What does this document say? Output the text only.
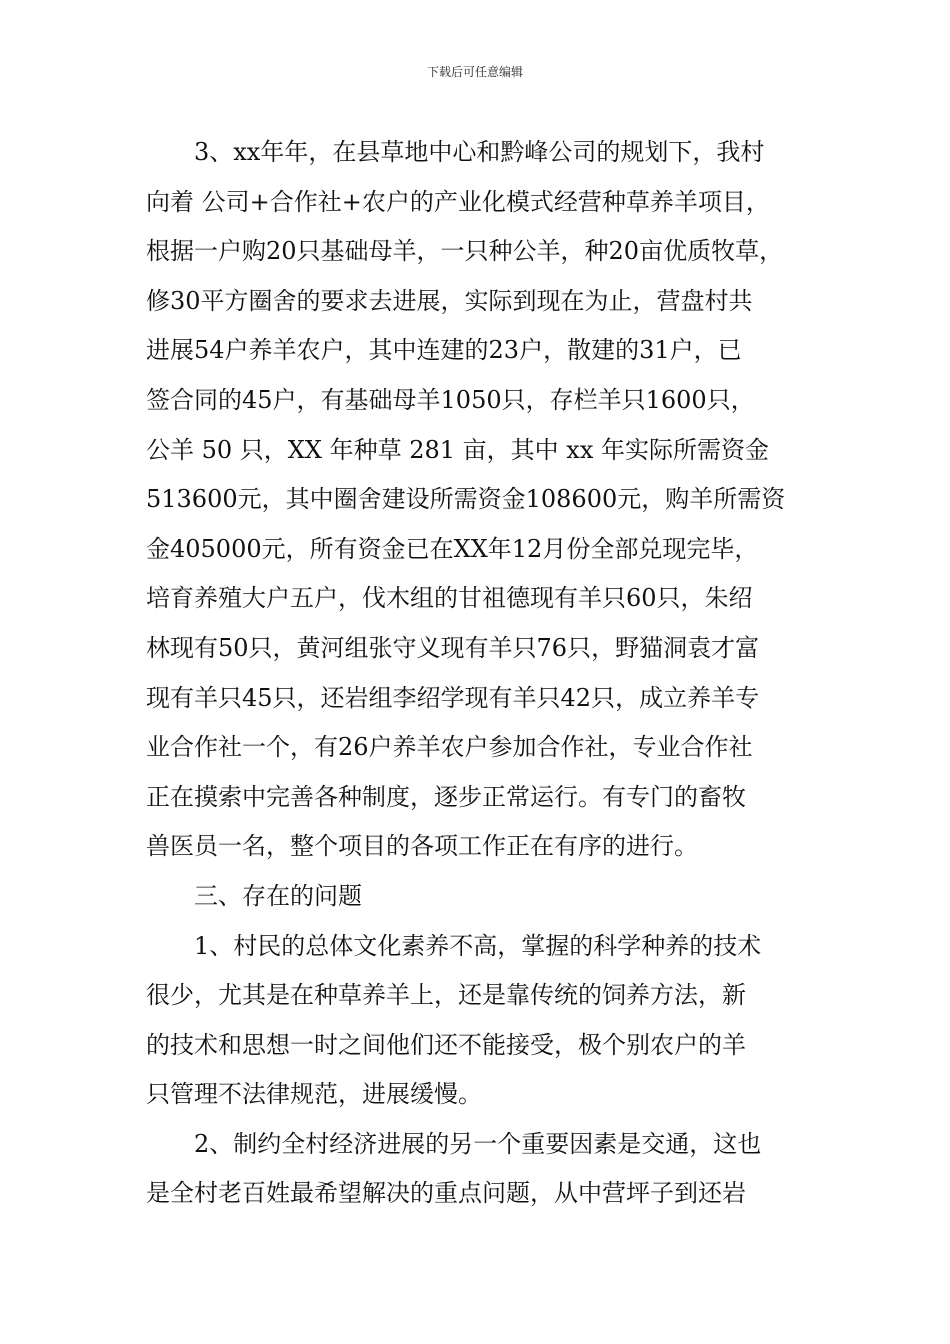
下载后可任意编辑
3、xx年年，在县草地中心和黔峰公司的规划下，我村
向着 公司+合作社+农户的产业化模式经营种草养羊项目，
根据一户购20只基础母羊，一只种公羊，种20亩优质牧草，
修30平方圈舍的要求去进展，实际到现在为止，营盘村共
进展54户养羊农户，其中连建的23户，散建的31户，已
签合同的45户，有基础母羊1050只，存栏羊只1600只，
公羊 50 只，XX 年种草 281 亩，其中 xx 年实际所需资金
513600元，其中圈舍建设所需资金108600元，购羊所需资
金405000元，所有资金已在XX年12月份全部兑现完毕，
培育养殖大户五户，伐木组的甘祖德现有羊只60只，朱绍
林现有50只，黄河组张守义现有羊只76只，野猫洞袁才富
现有羊只45只，还岩组李绍学现有羊只42只，成立养羊专
业合作社一个，有26户养羊农户参加合作社，专业合作社
正在摸索中完善各种制度，逐步正常运行。有专门的畜牧
兽医员一名，整个项目的各项工作正在有序的进行。
三、存在的问题
1、村民的总体文化素养不高，掌握的科学种养的技术
很少，尤其是在种草养羊上，还是靠传统的饲养方法，新
的技术和思想一时之间他们还不能接受，极个别农户的羊
只管理不法律规范，进展缓慢。
2、制约全村经济进展的另一个重要因素是交通，这也
是全村老百姓最希望解决的重点问题，从中营坪子到还岩
